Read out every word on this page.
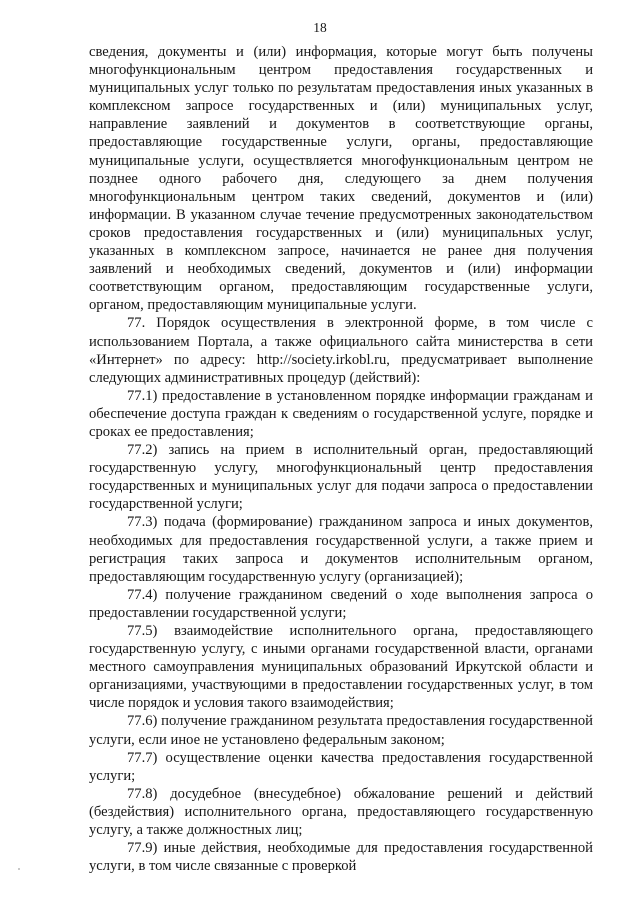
18

сведения, документы и (или) информация, которые могут быть получены многофункциональным центром предоставления государственных и муниципальных услуг только по результатам предоставления иных указанных в комплексном запросе государственных и (или) муниципальных услуг, направление заявлений и документов в соответствующие органы, предоставляющие государственные услуги, органы, предоставляющие муниципальные услуги, осуществляется многофункциональным центром не позднее одного рабочего дня, следующего за днем получения многофункциональным центром таких сведений, документов и (или) информации. В указанном случае течение предусмотренных законодательством сроков предоставления государственных и (или) муниципальных услуг, указанных в комплексном запросе, начинается не ранее дня получения заявлений и необходимых сведений, документов и (или) информации соответствующим органом, предоставляющим государственные услуги, органом, предоставляющим муниципальные услуги.

77. Порядок осуществления в электронной форме, в том числе с использованием Портала, а также официального сайта министерства в сети «Интернет» по адресу: http://society.irkobl.ru, предусматривает выполнение следующих административных процедур (действий):

77.1) предоставление в установленном порядке информации гражданам и обеспечение доступа граждан к сведениям о государственной услуге, порядке и сроках ее предоставления;

77.2) запись на прием в исполнительный орган, предоставляющий государственную услугу, многофункциональный центр предоставления государственных и муниципальных услуг для подачи запроса о предоставлении государственной услуги;

77.3) подача (формирование) гражданином запроса и иных документов, необходимых для предоставления государственной услуги, а также прием и регистрация таких запроса и документов исполнительным органом, предоставляющим государственную услугу (организацией);

77.4) получение гражданином сведений о ходе выполнения запроса о предоставлении государственной услуги;

77.5) взаимодействие исполнительного органа, предоставляющего государственную услугу, с иными органами государственной власти, органами местного самоуправления муниципальных образований Иркутской области и организациями, участвующими в предоставлении государственных услуг, в том числе порядок и условия такого взаимодействия;

77.6) получение гражданином результата предоставления государственной услуги, если иное не установлено федеральным законом;

77.7) осуществление оценки качества предоставления государственной услуги;

77.8) досудебное (внесудебное) обжалование решений и действий (бездействия) исполнительного органа, предоставляющего государственную услугу, а также должностных лиц;

77.9) иные действия, необходимые для предоставления государственной услуги, в том числе связанные с проверкой
